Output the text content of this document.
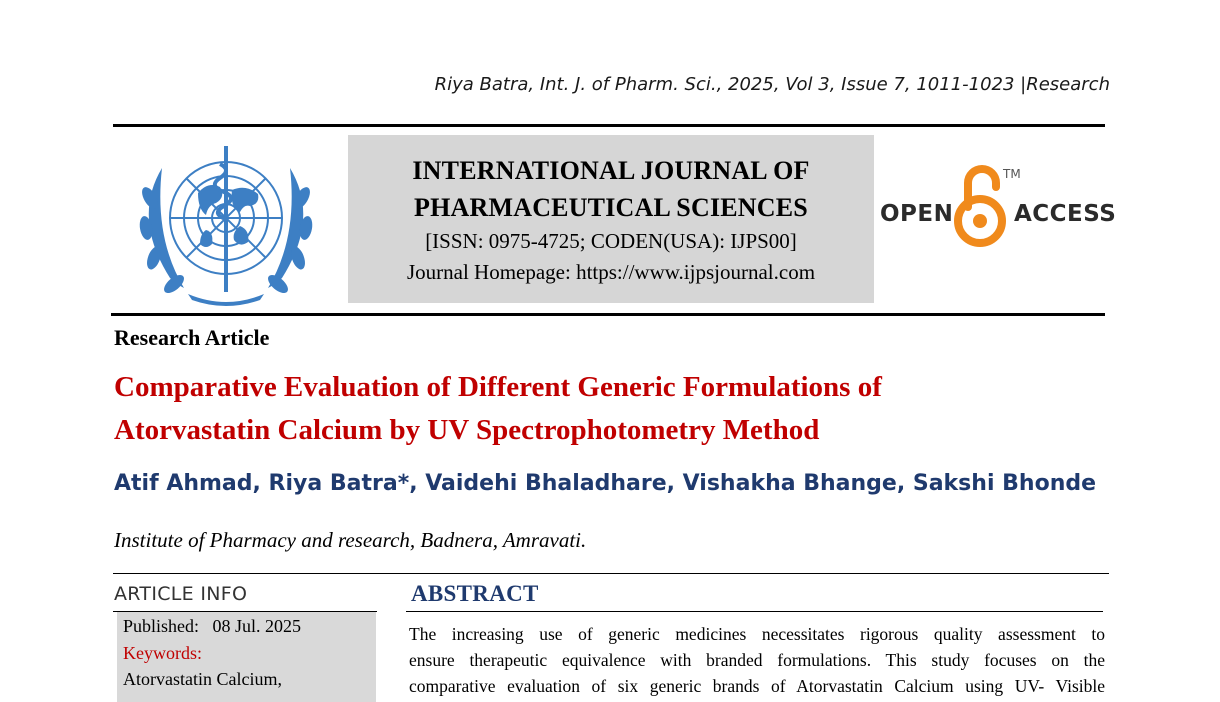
Riya Batra, Int. J. of Pharm. Sci., 2025, Vol 3, Issue 7, 1011-1023 |Research
INTERNATIONAL JOURNAL OF
PHARMACEUTICAL SCIENCES
[ISSN: 0975-4725; CODEN(USA): IJPS00]
Journal Homepage: https://www.ijpsjournal.com
OPEN
TM
ACCESS
Research Article
Comparative Evaluation of Different Generic Formulations of
Atorvastatin Calcium by UV Spectrophotometry Method
Atif Ahmad, Riya Batra*, Vaidehi Bhaladhare, Vishakha Bhange, Sakshi Bhonde
Institute of Pharmacy and research, Badnera, Amravati.
ARTICLE INFO
Published: 08 Jul. 2025
Keywords:
Atorvastatin Calcium,
ABSTRACT
The increasing use of generic medicines necessitates rigorous quality assessment to
ensure therapeutic equivalence with branded formulations. This study focuses on the
comparative evaluation of six generic brands of Atorvastatin Calcium using UV- Visible
